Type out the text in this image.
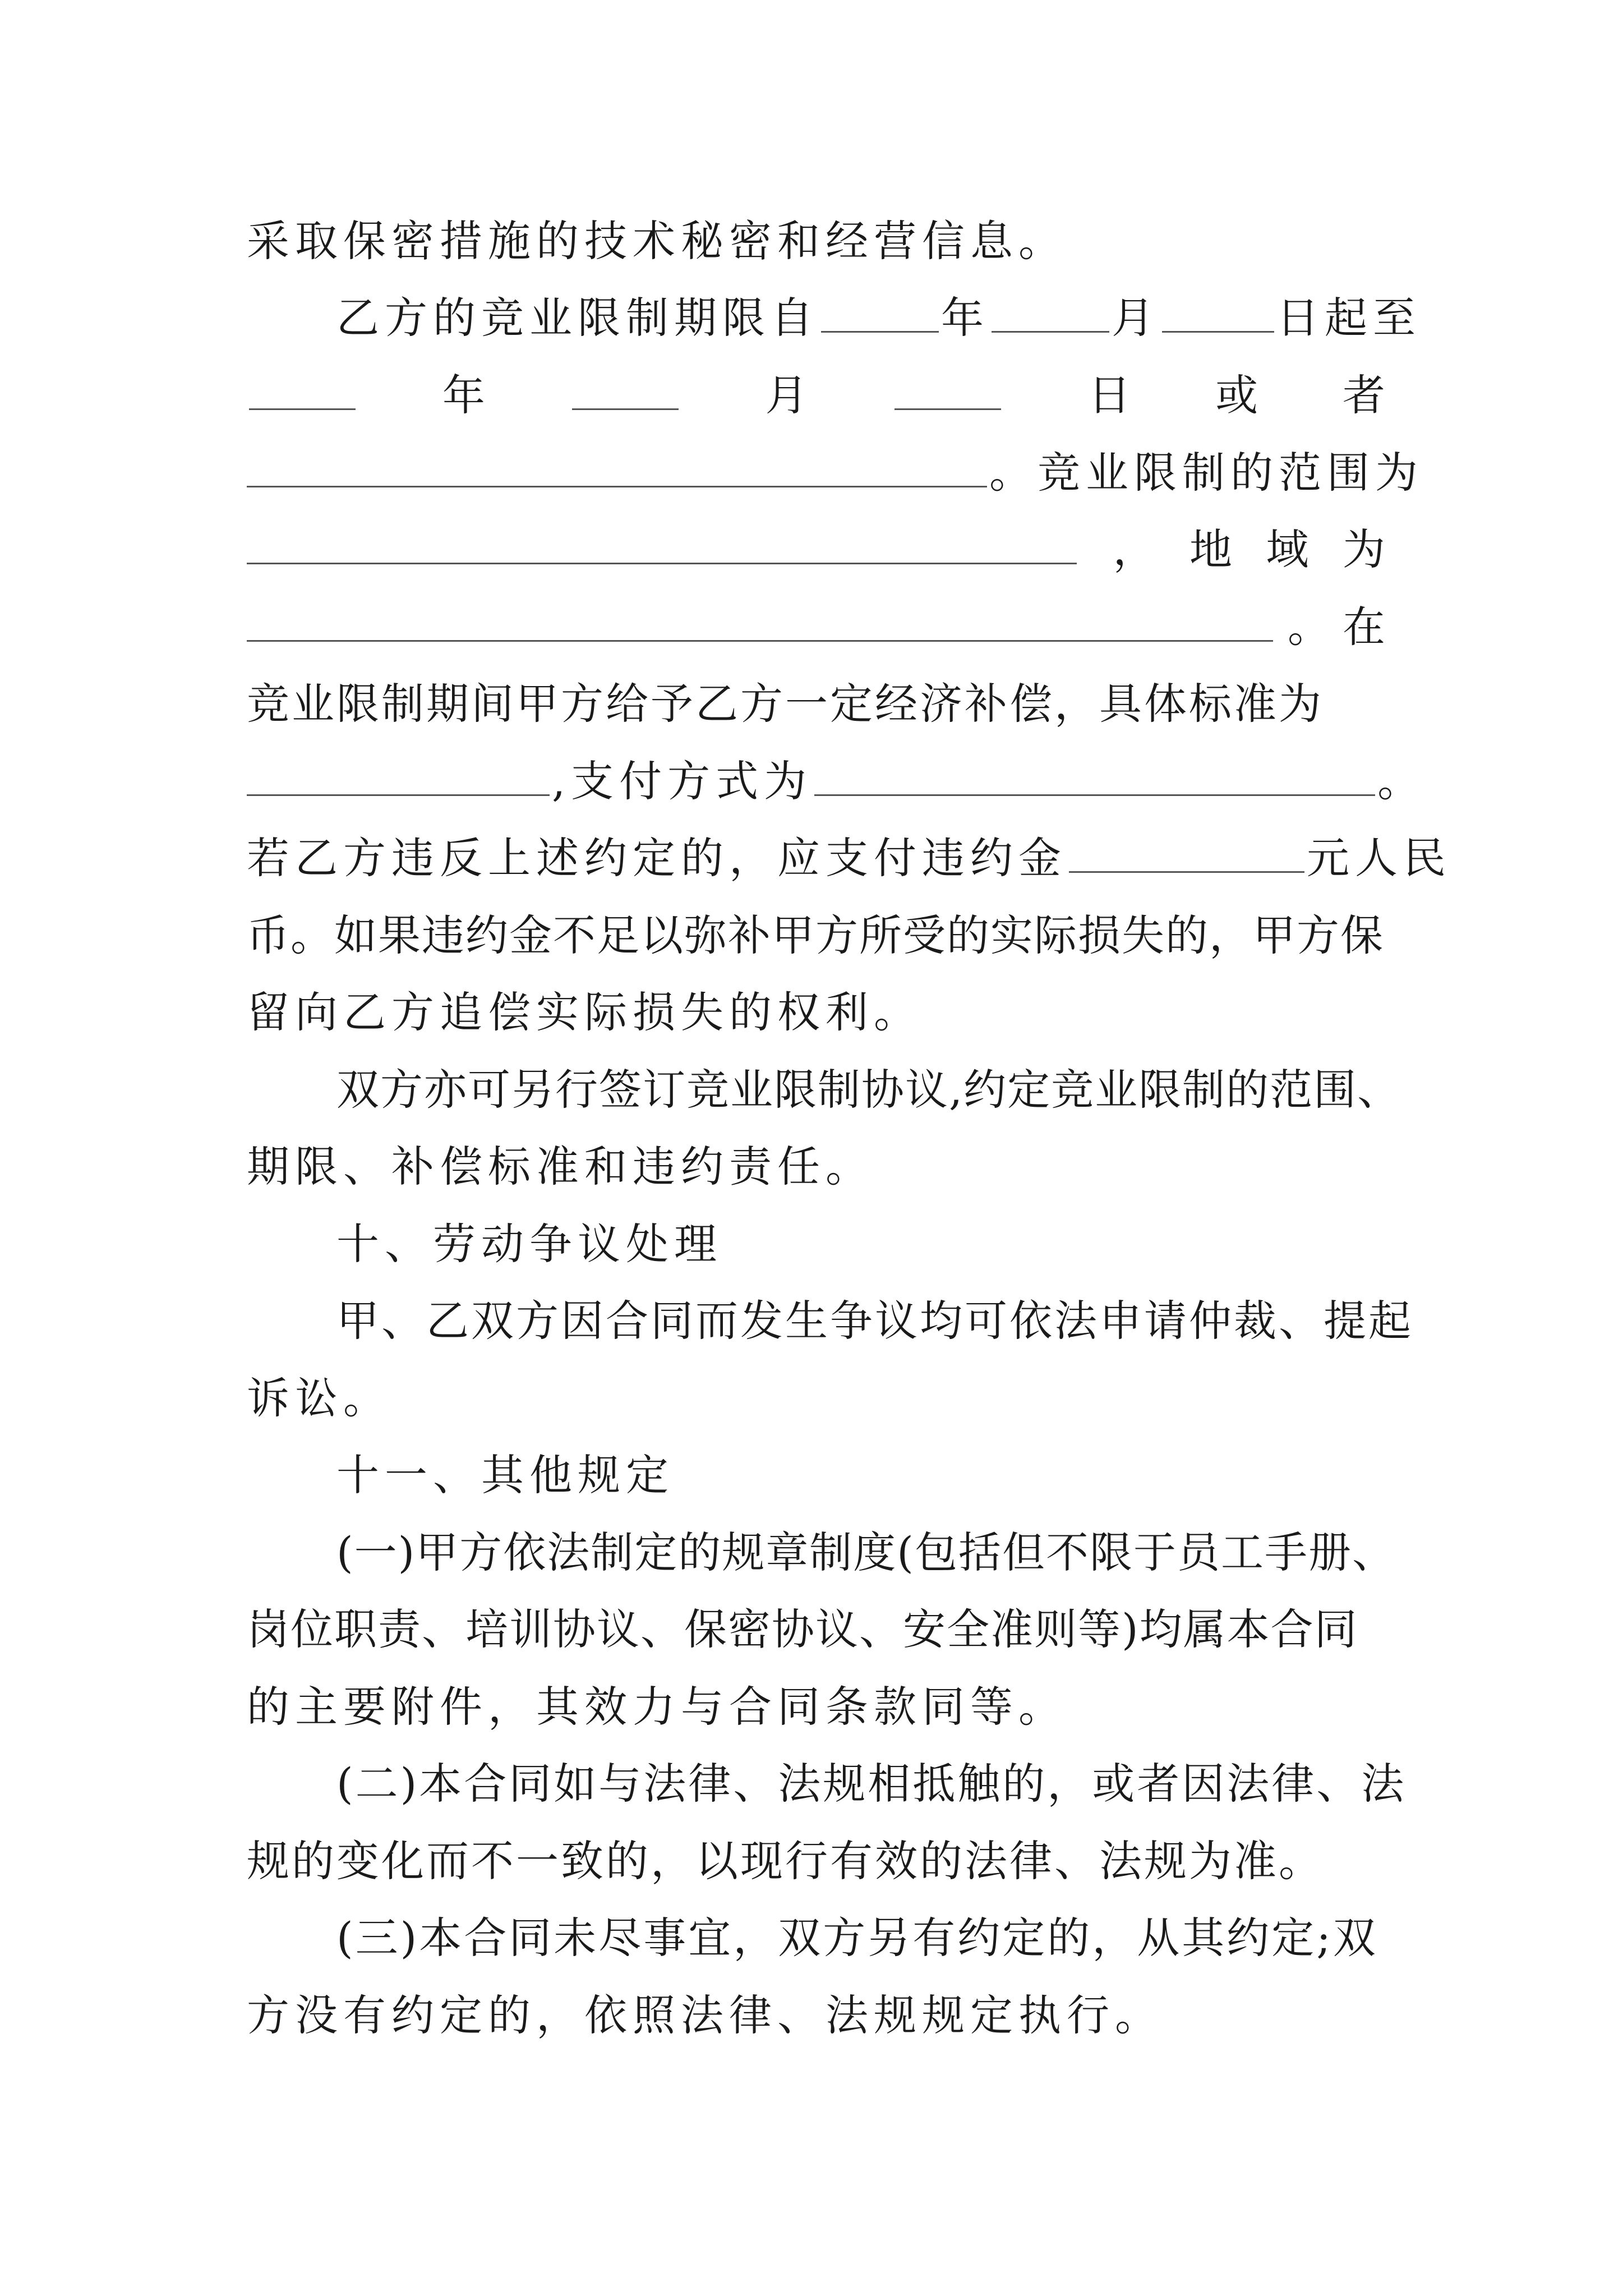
采取保密措施的技术秘密和经营信息。
乙方的竞业限制期限自	年	月	日起至
年	月	日 或 者
。竞业限制的范围为
， 地 域 为
。 在
竞业限制期间甲方给予乙方一定经济补偿，具体标准为
,支付方式为	。
若乙方违反上述约定的，应支付违约金	元人民
币。如果违约金不足以弥补甲方所受的实际损失的，甲方保
留向乙方追偿实际损失的权利。
双方亦可另行签订竞业限制协议,约定竞业限制的范围、
期限、补偿标准和违约责任。
十、劳动争议处理
甲、乙双方因合同而发生争议均可依法申请仲裁、提起
诉讼。
十一、其他规定
(一)甲方依法制定的规章制度(包括但不限于员工手册、
岗位职责、培训协议、保密协议、安全准则等)均属本合同
的主要附件，其效力与合同条款同等。
(二)本合同如与法律、法规相抵触的，或者因法律、法
规的变化而不一致的，以现行有效的法律、法规为准。
(三)本合同未尽事宜，双方另有约定的，从其约定;双
方没有约定的，依照法律、法规规定执行。
